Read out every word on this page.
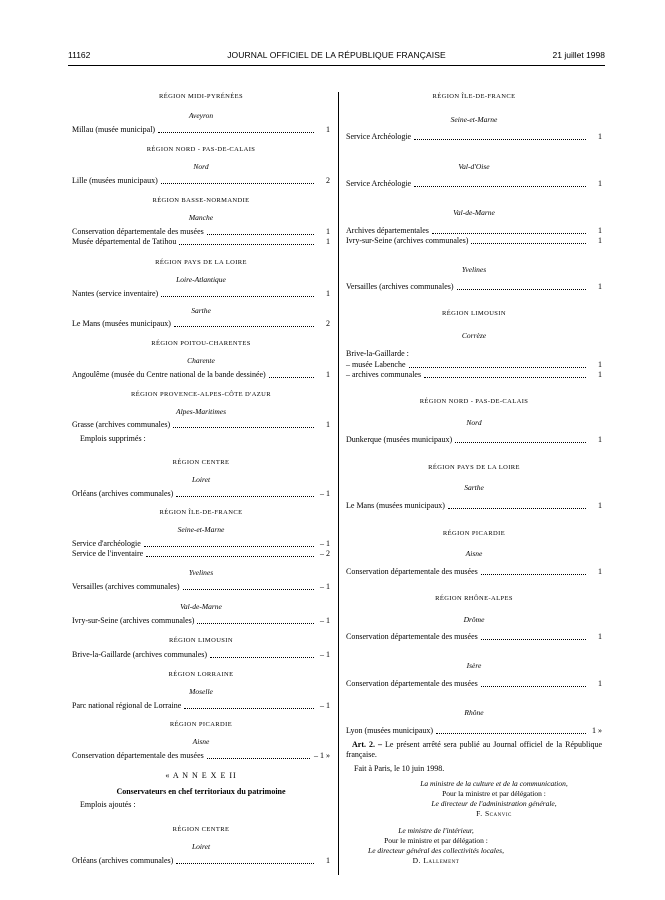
11162	JOURNAL OFFICIEL DE LA RÉPUBLIQUE FRANÇAISE	21 juillet 1998
RÉGION MIDI-PYRÉNÉES
Aveyron
Millau (musée municipal)	1
RÉGION NORD - PAS-DE-CALAIS
Nord
Lille (musées municipaux)	2
RÉGION BASSE-NORMANDIE
Manche
Conservation départementale des musées	1
Musée départemental de Tatihou	1
RÉGION PAYS DE LA LOIRE
Loire-Atlantique
Nantes (service inventaire)	1
Sarthe
Le Mans (musées municipaux)	2
RÉGION POITOU-CHARENTES
Charente
Angoulême (musée du Centre national de la bande dessinée)	1
RÉGION PROVENCE-ALPES-CÔTE D'AZUR
Alpes-Maritimes
Grasse (archives communales)	1
Emplois supprimés :
RÉGION CENTRE
Loiret
Orléans (archives communales)	– 1
RÉGION ÎLE-DE-FRANCE
Seine-et-Marne
Service d'archéologie	– 1
Service de l'inventaire	– 2
Yvelines
Versailles (archives communales)	– 1
Val-de-Marne
Ivry-sur-Seine (archives communales)	– 1
RÉGION LIMOUSIN
Brive-la-Gaillarde (archives communales)	– 1
RÉGION LORRAINE
Moselle
Parc national régional de Lorraine	– 1
RÉGION PICARDIE
Aisne
Conservation départementale des musées	– 1 »
« A N N E X E II
Conservateurs en chef territoriaux du patrimoine
Emplois ajoutés :
RÉGION CENTRE
Loiret
Orléans (archives communales)	1
RÉGION ÎLE-DE-FRANCE
Seine-et-Marne
Service Archéologie	1
Val-d'Oise
Service Archéologie	1
Val-de-Marne
Archives départementales	1
Ivry-sur-Seine (archives communales)	1
Yvelines
Versailles (archives communales)	1
RÉGION LIMOUSIN
Corrèze
Brive-la-Gaillarde :
– musée Labenche	1
– archives communales	1
RÉGION NORD - PAS-DE-CALAIS
Nord
Dunkerque (musées municipaux)	1
RÉGION PAYS DE LA LOIRE
Sarthe
Le Mans (musées municipaux)	1
RÉGION PICARDIE
Aisne
Conservation départementale des musées	1
RÉGION RHÔNE-ALPES
Drôme
Conservation départementale des musées	1
Isère
Conservation départementale des musées	1
Rhône
Lyon (musées municipaux)	1 »
Art. 2. – Le présent arrêté sera publié au Journal officiel de la République française.
Fait à Paris, le 10 juin 1998.
La ministre de la culture et de la communication,
Pour la ministre et par délégation :
Le directeur de l'administration générale,
F. Scanvic
Le ministre de l'intérieur,
Pour le ministre et par délégation :
Le directeur général des collectivités locales,
D. Lallement
